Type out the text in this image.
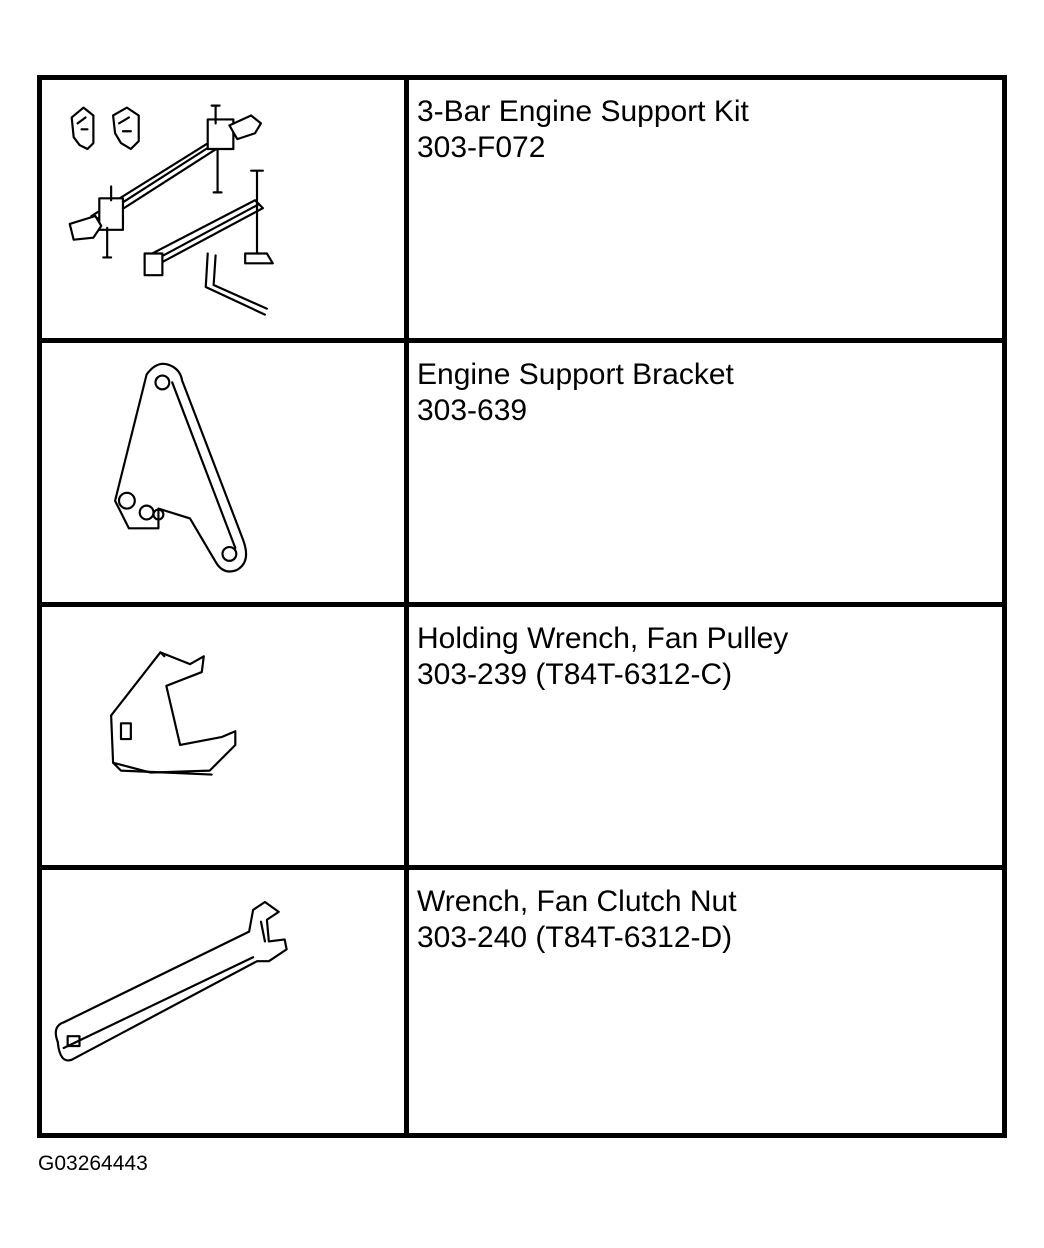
3-Bar Engine Support Kit
303-F072
Engine Support Bracket
303-639
Holding Wrench, Fan Pulley
303-239 (T84T-6312-C)
Wrench, Fan Clutch Nut
303-240 (T84T-6312-D)
G03264443
